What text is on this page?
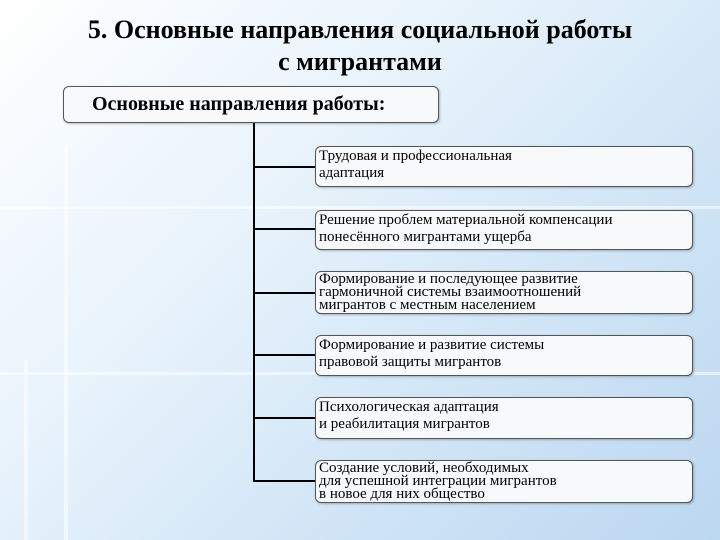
5. Основные направления социальной работы
с мигрантами
Основные направления работы:
Трудовая и профессиональная
адаптация
Решение проблем материальной компенсации
понесённого мигрантами ущерба
Формирование и последующее развитие
гармоничной системы взаимоотношений
мигрантов с местным населением
Формирование и развитие системы
правовой защиты мигрантов
Психологическая адаптация
и реабилитация мигрантов
Создание условий, необходимых
для успешной интеграции мигрантов
в новое для них общество
